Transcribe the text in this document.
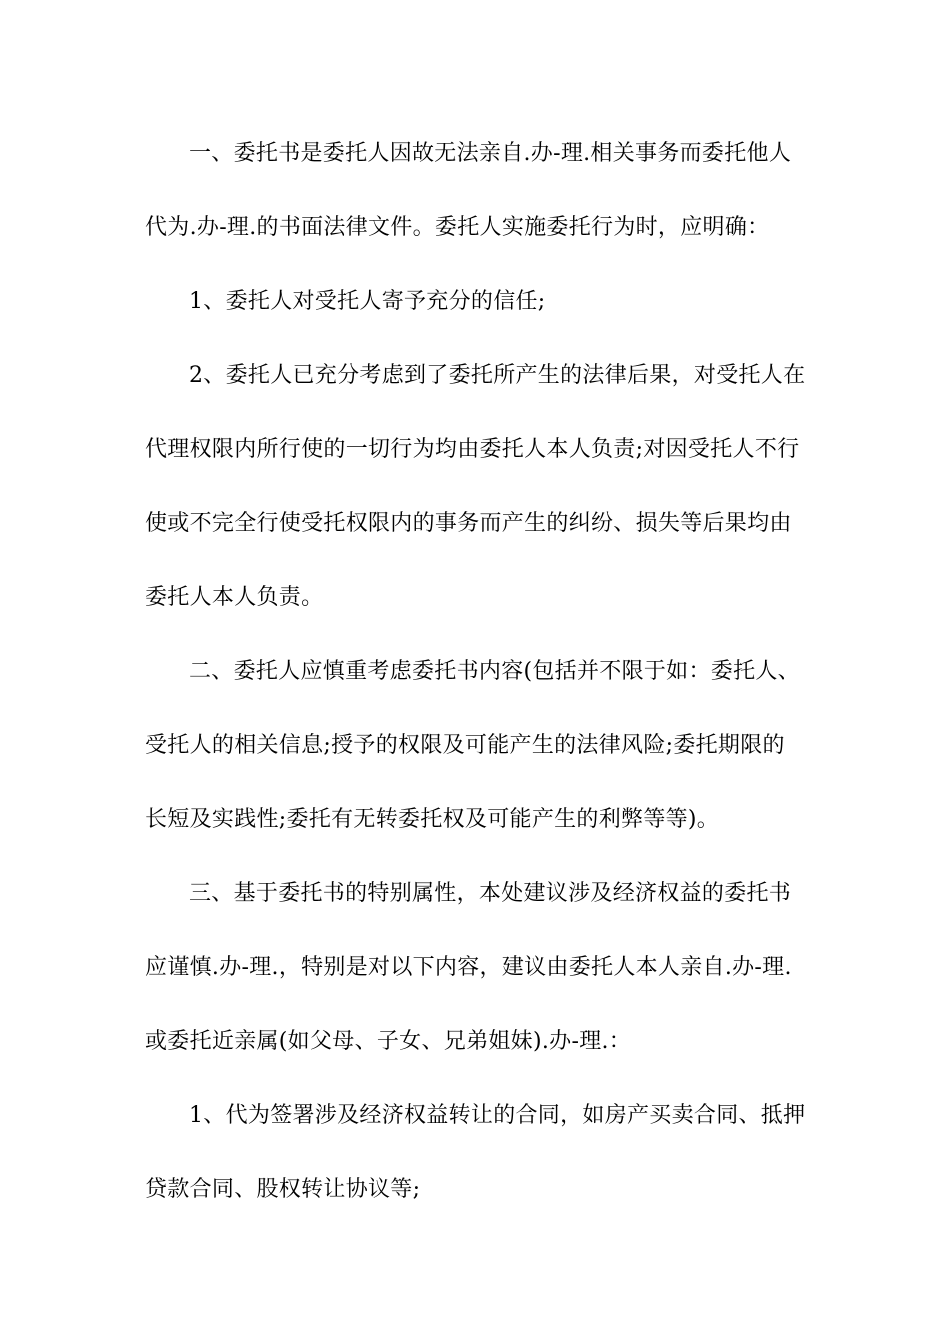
一、委托书是委托人因故无法亲自.办-理.相关事务而委托他人
代为.办-理.的书面法律文件。委托人实施委托行为时，应明确：
1、委托人对受托人寄予充分的信任;
2、委托人已充分考虑到了委托所产生的法律后果，对受托人在
代理权限内所行使的一切行为均由委托人本人负责;对因受托人不行
使或不完全行使受托权限内的事务而产生的纠纷、损失等后果均由
委托人本人负责。
二、委托人应慎重考虑委托书内容(包括并不限于如：委托人、
受托人的相关信息;授予的权限及可能产生的法律风险;委托期限的
长短及实践性;委托有无转委托权及可能产生的利弊等等)。
三、基于委托书的特别属性，本处建议涉及经济权益的委托书
应谨慎.办-理.，特别是对以下内容，建议由委托人本人亲自.办-理.
或委托近亲属(如父母、子女、兄弟姐妹).办-理.：
1、代为签署涉及经济权益转让的合同，如房产买卖合同、抵押
贷款合同、股权转让协议等;
